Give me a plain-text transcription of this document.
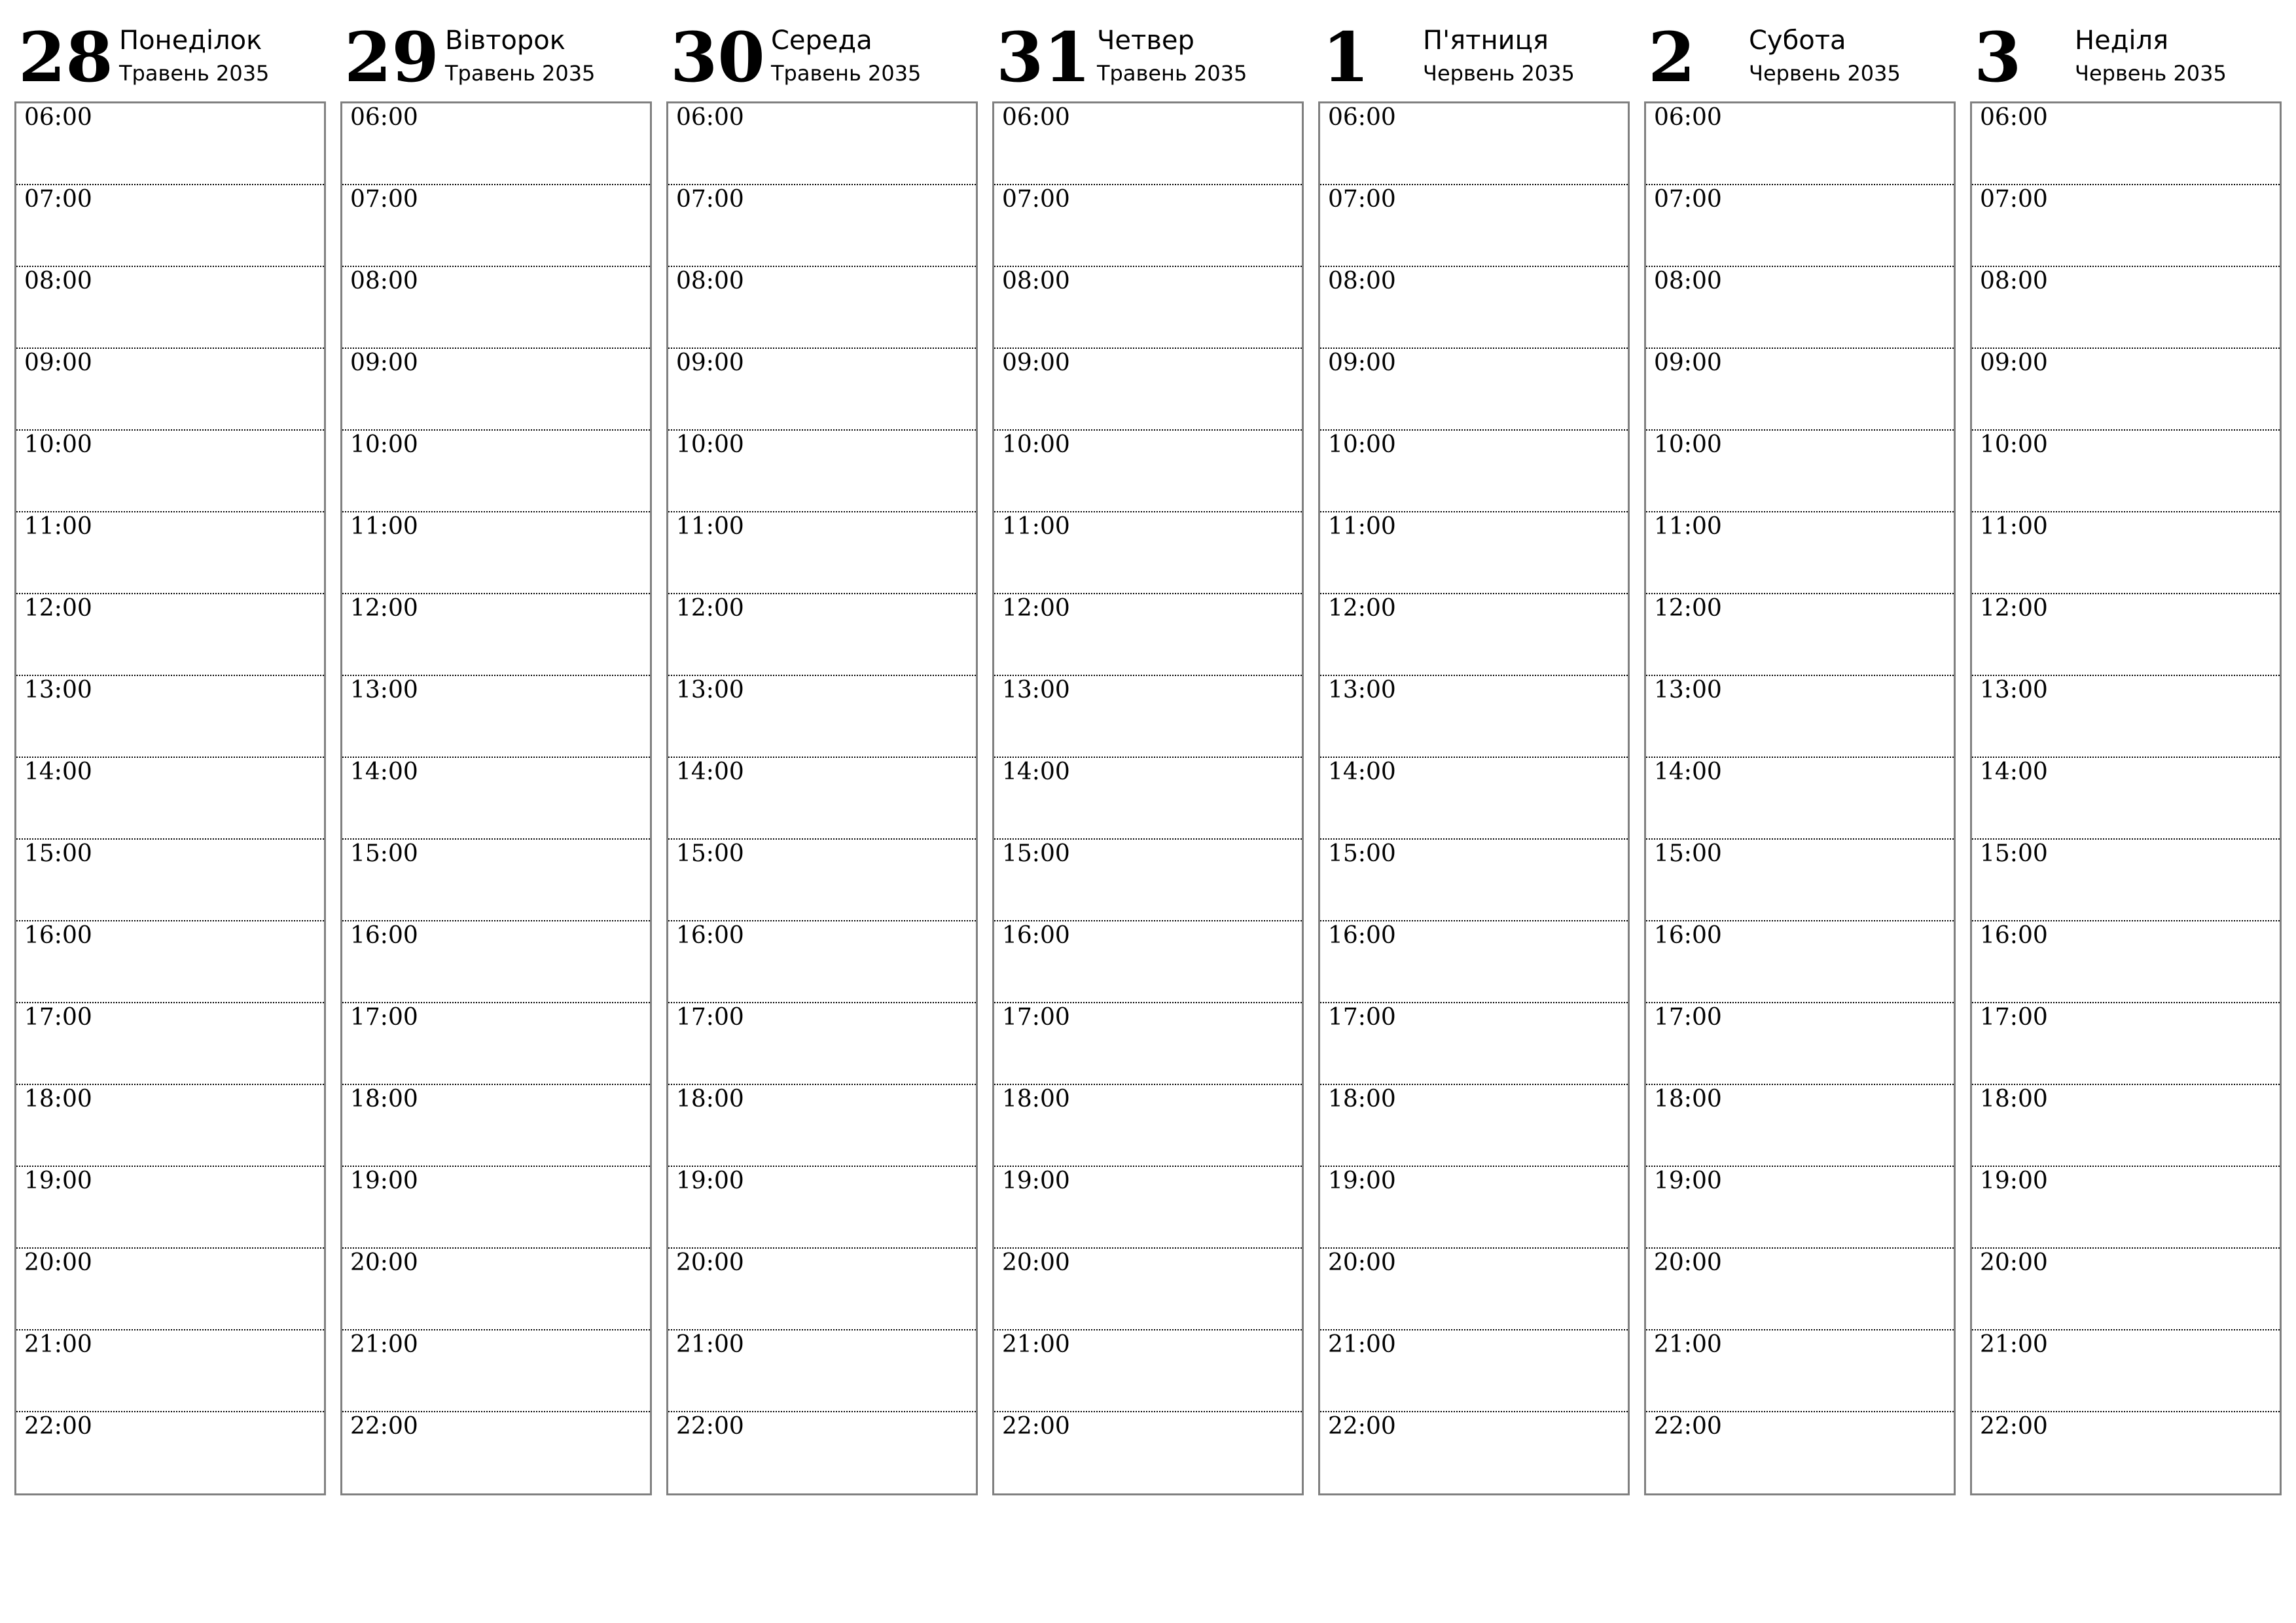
28 Понеділок
Травень 2035
06:00
07:00
08:00
09:00
10:00
11:00
12:00
13:00
14:00
15:00
16:00
17:00
18:00
19:00
20:00
21:00
22:00
29 Вівторок
Травень 2035
06:00
07:00
08:00
09:00
10:00
11:00
12:00
13:00
14:00
15:00
16:00
17:00
18:00
19:00
20:00
21:00
22:00
30 Середа
Травень 2035
06:00
07:00
08:00
09:00
10:00
11:00
12:00
13:00
14:00
15:00
16:00
17:00
18:00
19:00
20:00
21:00
22:00
31 Четвер
Травень 2035
06:00
07:00
08:00
09:00
10:00
11:00
12:00
13:00
14:00
15:00
16:00
17:00
18:00
19:00
20:00
21:00
22:00
1 П'ятниця
Червень 2035
06:00
07:00
08:00
09:00
10:00
11:00
12:00
13:00
14:00
15:00
16:00
17:00
18:00
19:00
20:00
21:00
22:00
2 Субота
Червень 2035
06:00
07:00
08:00
09:00
10:00
11:00
12:00
13:00
14:00
15:00
16:00
17:00
18:00
19:00
20:00
21:00
22:00
3 Неділя
Червень 2035
06:00
07:00
08:00
09:00
10:00
11:00
12:00
13:00
14:00
15:00
16:00
17:00
18:00
19:00
20:00
21:00
22:00
